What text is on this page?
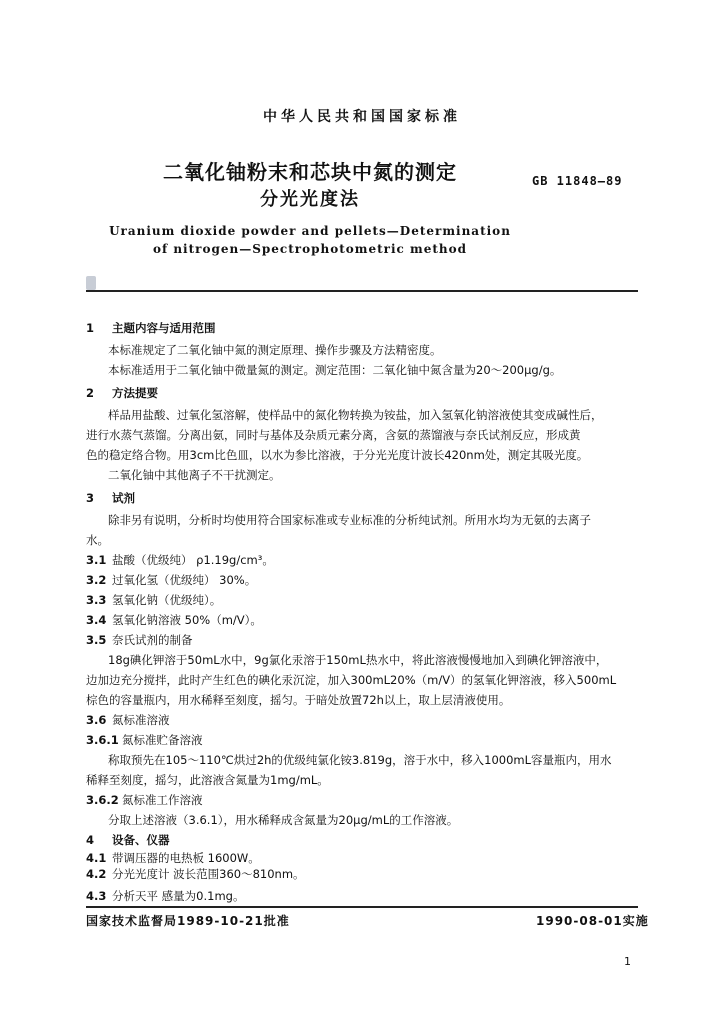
中华人民共和国国家标准
二氧化铀粉末和芯块中氮的测定
分光光度法
GB 11848—89
Uranium dioxide powder and pellets—Determination
of nitrogen—Spectrophotometric method
1 主题内容与适用范围
本标准规定了二氧化铀中氮的测定原理、操作步骤及方法精密度。
本标准适用于二氧化铀中微量氮的测定。测定范围：二氧化铀中氮含量为20～200μg/g。
2 方法提要
样品用盐酸、过氧化氢溶解，使样品中的氮化物转换为铵盐，加入氢氧化钠溶液使其变成碱性后，
进行水蒸气蒸馏。分离出氨，同时与基体及杂质元素分离，含氨的蒸馏液与奈氏试剂反应，形成黄
色的稳定络合物。用3cm比色皿，以水为参比溶液，于分光光度计波长420nm处，测定其吸光度。
二氧化铀中其他离子不干扰测定。
3 试剂
除非另有说明，分析时均使用符合国家标准或专业标准的分析纯试剂。所用水均为无氨的去离子
水。
3.1 盐酸（优级纯） ρ1.19g/cm³。
3.2 过氧化氢（优级纯） 30%。
3.3 氢氧化钠（优级纯）。
3.4 氢氧化钠溶液 50%（m/V）。
3.5 奈氏试剂的制备
18g碘化钾溶于50mL水中，9g氯化汞溶于150mL热水中，将此溶液慢慢地加入到碘化钾溶液中，
边加边充分搅拌，此时产生红色的碘化汞沉淀，加入300mL20%（m/V）的氢氧化钾溶液，移入500mL
棕色的容量瓶内，用水稀释至刻度，摇匀。于暗处放置72h以上，取上层清液使用。
3.6 氮标准溶液
3.6.1 氮标准贮备溶液
称取预先在105～110℃烘过2h的优级纯氯化铵3.819g，溶于水中，移入1000mL容量瓶内，用水
稀释至刻度，摇匀，此溶液含氮量为1mg/mL。
3.6.2 氮标准工作溶液
分取上述溶液（3.6.1），用水稀释成含氮量为20μg/mL的工作溶液。
4 设备、仪器
4.1 带调压器的电热板 1600W。
4.2 分光光度计 波长范围360～810nm。
4.3 分析天平 感量为0.1mg。
国家技术监督局1989-10-21批准	1990-08-01实施
1
